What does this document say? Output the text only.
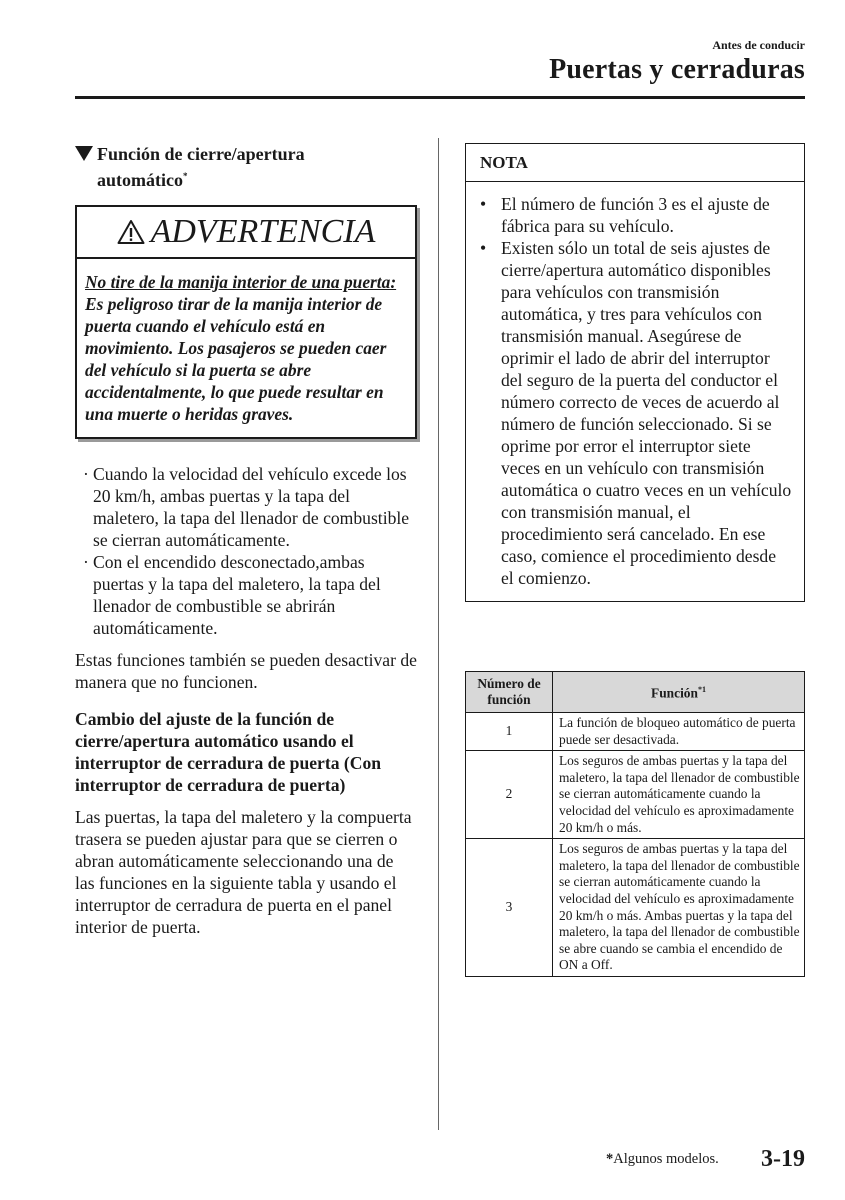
Antes de conducir
Puertas y cerraduras
Función de cierre/apertura
automático*
ADVERTENCIA
No tire de la manija interior de una puerta:
Es peligroso tirar de la manija interior de puerta cuando el vehículo está en movimiento. Los pasajeros se pueden caer del vehículo si la puerta se abre accidentalmente, lo que puede resultar en una muerte o heridas graves.
· Cuando la velocidad del vehículo excede los 20 km/h, ambas puertas y la tapa del maletero, la tapa del llenador de combustible se cierran automáticamente.
· Con el encendido desconectado,ambas puertas y la tapa del maletero, la tapa del llenador de combustible se abrirán automáticamente.
Estas funciones también se pueden desactivar de manera que no funcionen.
Cambio del ajuste de la función de cierre/apertura automático usando el interruptor de cerradura de puerta (Con interruptor de cerradura de puerta)
Las puertas, la tapa del maletero y la compuerta trasera se pueden ajustar para que se cierren o abran automáticamente seleccionando una de las funciones en la siguiente tabla y usando el interruptor de cerradura de puerta en el panel interior de puerta.
NOTA
• El número de función 3 es el ajuste de fábrica para su vehículo.
• Existen sólo un total de seis ajustes de cierre/apertura automático disponibles para vehículos con transmisión automática, y tres para vehículos con transmisión manual. Asegúrese de oprimir el lado de abrir del interruptor del seguro de la puerta del conductor el número correcto de veces de acuerdo al número de función seleccionado. Si se oprime por error el interruptor siete veces en un vehículo con transmisión automática o cuatro veces en un vehículo con transmisión manual, el procedimiento será cancelado. En ese caso, comience el procedimiento desde el comienzo.
Número de
función	Función$^{*1}$
1	La función de bloqueo automático de puerta puede ser desactivada.
2	Los seguros de ambas puertas y la tapa del maletero, la tapa del llenador de combustible se cierran automáticamente cuando la velocidad del vehículo es aproximadamente 20 km/h o más.
3	Los seguros de ambas puertas y la tapa del maletero, la tapa del llenador de combustible se cierran automáticamente cuando la velocidad del vehículo es aproximadamente 20 km/h o más. Ambas puertas y la tapa del maletero, la tapa del llenador de combustible se abre cuando se cambia el encendido de ON a Off.
*Algunos modelos. 3-19
